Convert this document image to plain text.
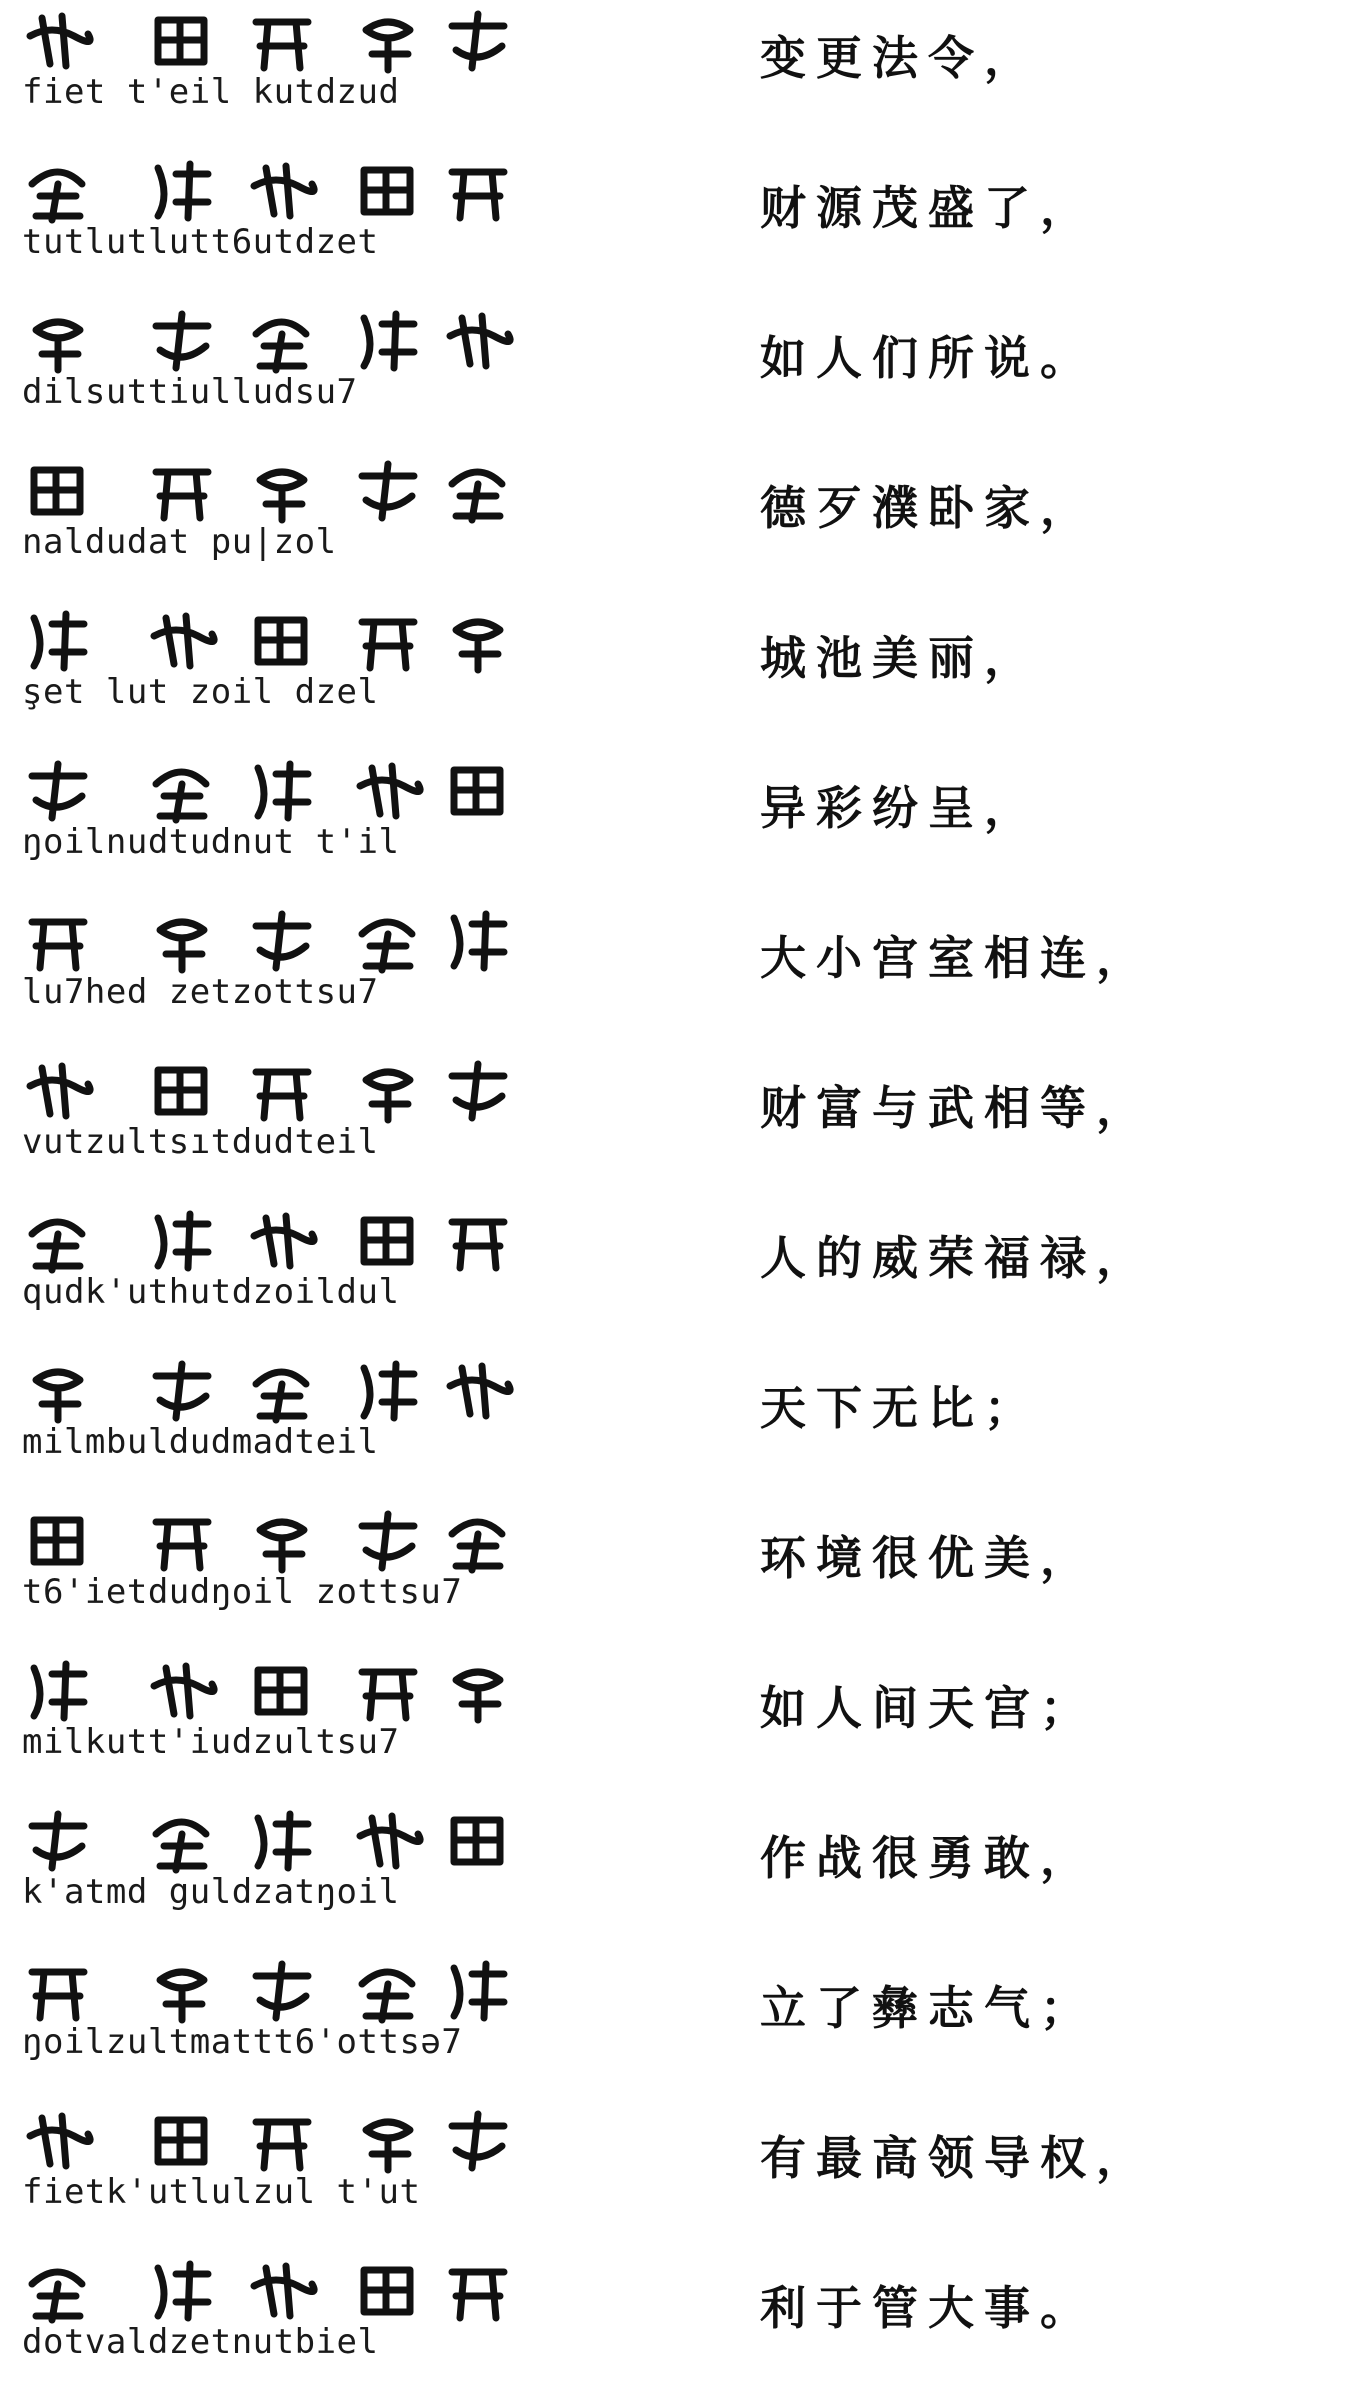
fiet t'eil kutdzud
变更法令，
tutlutlutt6utdzet
财源茂盛了，
dilsuttiulludsu7
如人们所说。
naldudat pu|zol
德歹濮卧家，
şet lut zoil dzel
城池美丽，
ŋoilnudtudnut t'il
异彩纷呈，
lu7hed zetzottsu7
大小宫室相连，
vutzultsıtdudteil
财富与武相等，
qudk'uthutdzoildul
人的威荣福禄，
milmbuldudmadteil
天下无比；
t6'ietdudŋoil zottsu7
环境很优美，
milkutt'iudzultsu7
如人间天宫；
k'atmd guldzatŋoil
作战很勇敢，
ŋoilzultmattt6'ottsə7
立了彝志气；
fietk'utlulzul t'ut
有最高领导权，
dotvaldzetnutbiel
利于管大事。
